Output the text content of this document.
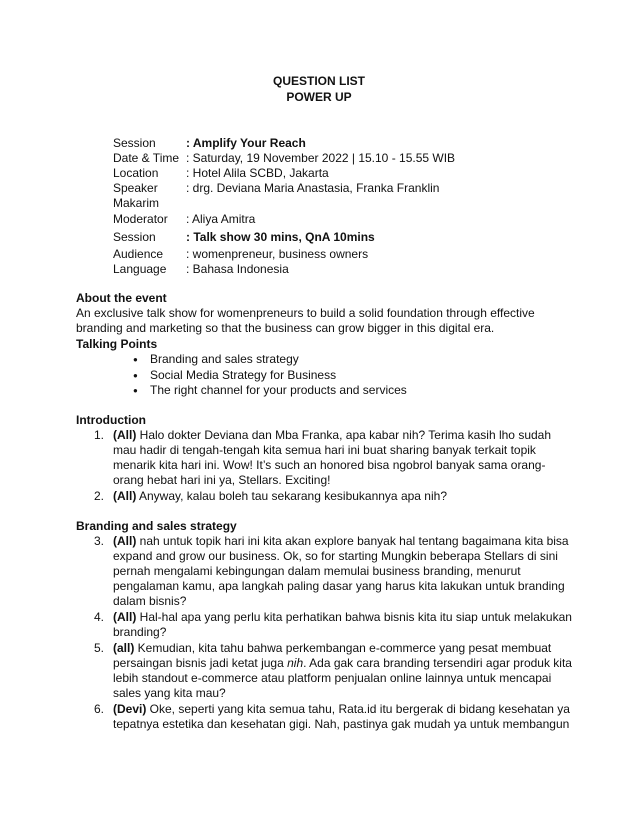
QUESTION LIST
POWER UP
Session	: Amplify Your Reach
Date & Time : Saturday, 19 November 2022 | 15.10 - 15.55 WIB
Location : Hotel Alila SCBD, Jakarta
Speaker : drg. Deviana Maria Anastasia, Franka Franklin
Makarim
Moderator : Aliya Amitra
Session	: Talk show 30 mins, QnA 10mins
Audience : womenpreneur, business owners
Language : Bahasa Indonesia
About the event
An exclusive talk show for womenpreneurs to build a solid foundation through effective branding and marketing so that the business can grow bigger in this digital era.
Talking Points
● Branding and sales strategy
● Social Media Strategy for Business
● The right channel for your products and services
Introduction
1. (All) Halo dokter Deviana dan Mba Franka, apa kabar nih? Terima kasih lho sudah mau hadir di tengah-tengah kita semua hari ini buat sharing banyak terkait topik menarik kita hari ini. Wow! It’s such an honored bisa ngobrol banyak sama orang-orang hebat hari ini ya, Stellars. Exciting!
2. (All) Anyway, kalau boleh tau sekarang kesibukannya apa nih?
Branding and sales strategy
3. (All) nah untuk topik hari ini kita akan explore banyak hal tentang bagaimana kita bisa expand and grow our business. Ok, so for starting Mungkin beberapa Stellars di sini pernah mengalami kebingungan dalam memulai business branding, menurut pengalaman kamu, apa langkah paling dasar yang harus kita lakukan untuk branding dalam bisnis?
4. (All) Hal-hal apa yang perlu kita perhatikan bahwa bisnis kita itu siap untuk melakukan branding?
5. (all) Kemudian, kita tahu bahwa perkembangan e-commerce yang pesat membuat persaingan bisnis jadi ketat juga nih. Ada gak cara branding tersendiri agar produk kita lebih standout e-commerce atau platform penjualan online lainnya untuk mencapai sales yang kita mau?
6. (Devi) Oke, seperti yang kita semua tahu, Rata.id itu bergerak di bidang kesehatan ya tepatnya estetika dan kesehatan gigi. Nah, pastinya gak mudah ya untuk membangun
